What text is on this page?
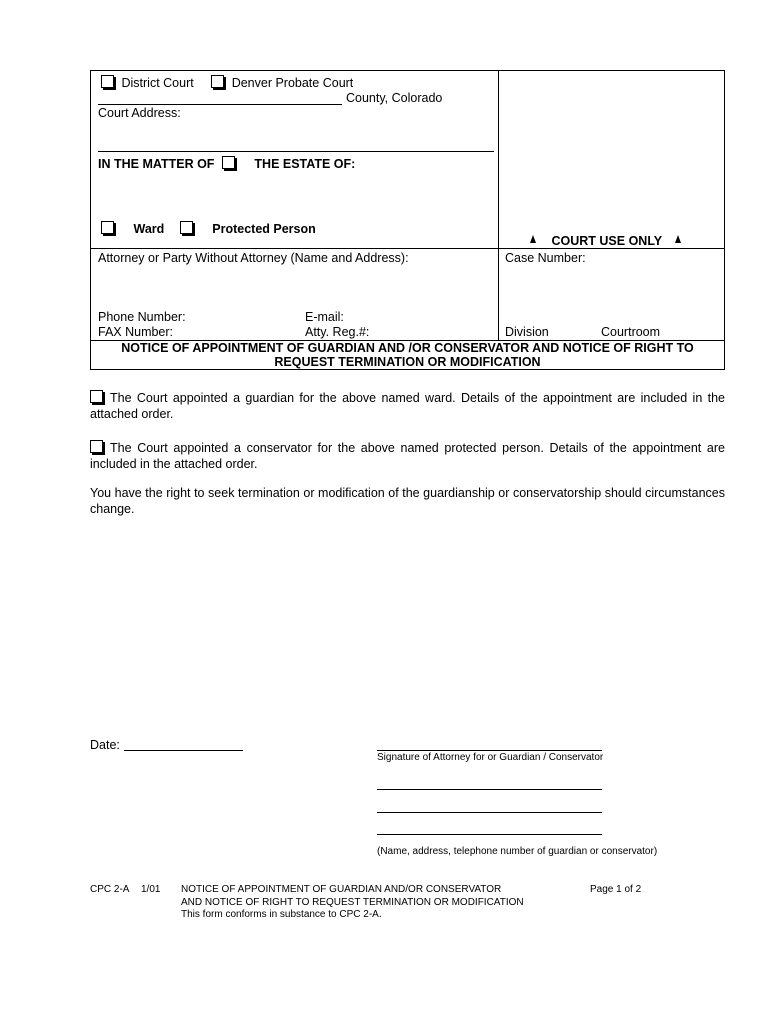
District Court	Denver Probate Court
County, Colorado
Court Address:
IN THE MATTER OF	THE ESTATE OF:
Ward	Protected Person
COURT USE ONLY
Attorney or Party Without Attorney (Name and Address):	Case Number:
Phone Number:	E-mail:
FAX Number:	Atty. Reg.#:	Division	Courtroom
NOTICE OF APPOINTMENT OF GUARDIAN AND /OR CONSERVATOR AND NOTICE OF RIGHT TO
REQUEST TERMINATION OR MODIFICATION
The Court appointed a guardian for the above named ward. Details of the appointment are included in the attached order.
The Court appointed a conservator for the above named protected person. Details of the appointment are included in the attached order.
You have the right to seek termination or modification of the guardianship or conservatorship should circumstances change.
Date:
Signature of Attorney for or Guardian / Conservator
(Name, address, telephone number of guardian or conservator)
CPC 2-A 1/01 NOTICE OF APPOINTMENT OF GUARDIAN AND/OR CONSERVATOR
AND NOTICE OF RIGHT TO REQUEST TERMINATION OR MODIFICATION
This form conforms in substance to CPC 2-A.
Page 1 of 2
